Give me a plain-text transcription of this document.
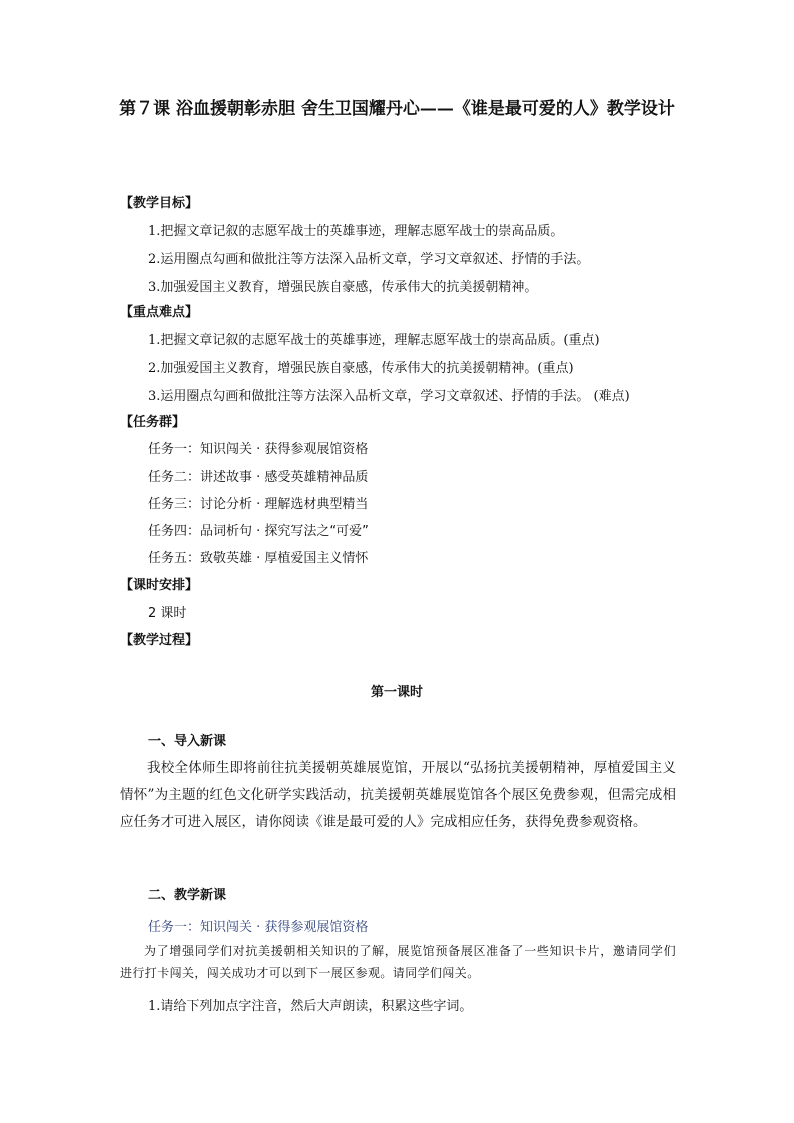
第７课 浴血援朝彰赤胆 舍生卫国耀丹心——《谁是最可爱的人》教学设计
【教学目标】
1.把握文章记叙的志愿军战士的英雄事迹，理解志愿军战士的崇高品质。
2.运用圈点勾画和做批注等方法深入品析文章，学习文章叙述、抒情的手法。
3.加强爱国主义教育，增强民族自豪感，传承伟大的抗美援朝精神。
【重点难点】
1.把握文章记叙的志愿军战士的英雄事迹，理解志愿军战士的崇高品质。(重点)
2.加强爱国主义教育，增强民族自豪感，传承伟大的抗美援朝精神。(重点)
3.运用圈点勾画和做批注等方法深入品析文章，学习文章叙述、抒情的手法。 (难点)
【任务群】
任务一：知识闯关 · 获得参观展馆资格
任务二：讲述故事 · 感受英雄精神品质
任务三：讨论分析 · 理解选材典型精当
任务四：品词析句 · 探究写法之“可爱”
任务五：致敬英雄 · 厚植爱国主义情怀
【课时安排】
2 课时
【教学过程】
第一课时
一、导入新课
我校全体师生即将前往抗美援朝英雄展览馆，开展以“弘扬抗美援朝精神，厚植爱国主义情怀”为主题的红色文化研学实践活动，抗美援朝英雄展览馆各个展区免费参观，但需完成相应任务才可进入展区，请你阅读《谁是最可爱的人》完成相应任务，获得免费参观资格。
二、教学新课
任务一：知识闯关 · 获得参观展馆资格
为了增强同学们对抗美援朝相关知识的了解，展览馆预备展区准备了一些知识卡片，邀请同学们进行打卡闯关，闯关成功才可以到下一展区参观。请同学们闯关。
1.请给下列加点字注音，然后大声朗读，积累这些字词。
